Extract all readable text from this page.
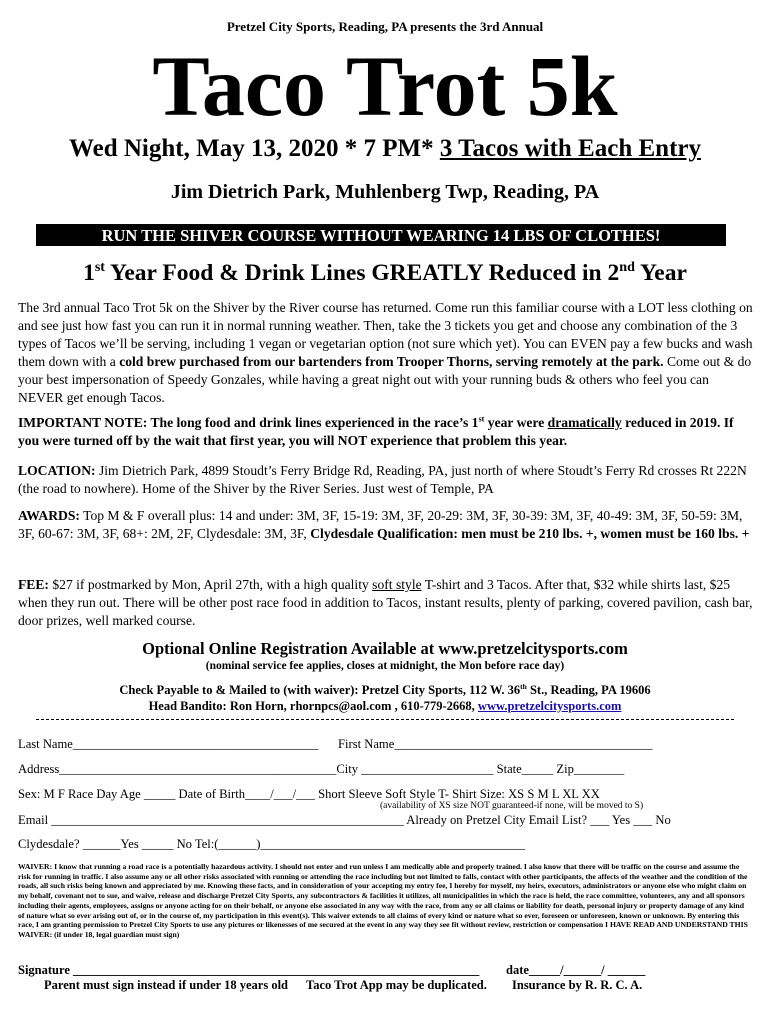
Pretzel City Sports, Reading, PA presents the 3rd Annual
Taco Trot 5k
Wed Night, May 13, 2020 * 7 PM* 3 Tacos with Each Entry
Jim Dietrich Park, Muhlenberg Twp, Reading, PA
RUN THE SHIVER COURSE WITHOUT WEARING 14 LBS OF CLOTHES!
1st Year Food & Drink Lines GREATLY Reduced in 2nd Year
The 3rd annual Taco Trot 5k on the Shiver by the River course has returned. Come run this familiar course with a LOT less clothing on and see just how fast you can run it in normal running weather. Then, take the 3 tickets you get and choose any combination of the 3 types of Tacos we’ll be serving, including 1 vegan or vegetarian option (not sure which yet). You can EVEN pay a few bucks and wash them down with a cold brew purchased from our bartenders from Trooper Thorns, serving remotely at the park. Come out & do your best impersonation of Speedy Gonzales, while having a great night out with your running buds & others who feel you can NEVER get enough Tacos.
IMPORTANT NOTE: The long food and drink lines experienced in the race’s 1st year were dramatically reduced in 2019. If you were turned off by the wait that first year, you will NOT experience that problem this year.
LOCATION: Jim Dietrich Park, 4899 Stoudt’s Ferry Bridge Rd, Reading, PA, just north of where Stoudt’s Ferry Rd crosses Rt 222N (the road to nowhere). Home of the Shiver by the River Series. Just west of Temple, PA
AWARDS: Top M & F overall plus: 14 and under: 3M, 3F, 15-19: 3M, 3F, 20-29: 3M, 3F, 30-39: 3M, 3F, 40-49: 3M, 3F, 50-59: 3M, 3F, 60-67: 3M, 3F, 68+: 2M, 2F, Clydesdale: 3M, 3F, Clydesdale Qualification: men must be 210 lbs. +, women must be 160 lbs. +
FEE: $27 if postmarked by Mon, April 27th, with a high quality soft style T-shirt and 3 Tacos. After that, $32 while shirts last, $25 when they run out. There will be other post race food in addition to Tacos, instant results, plenty of parking, covered pavilion, cash bar, door prizes, well marked course.
Optional Online Registration Available at www.pretzelcitysports.com
(nominal service fee applies, closes at midnight, the Mon before race day)
Check Payable to & Mailed to (with waiver): Pretzel City Sports, 112 W. 36th St., Reading, PA 19606
Head Bandito: Ron Horn, rhornpcs@aol.com , 610-779-2668, www.pretzelcitysports.com
Last Name_______________________________________ First Name_________________________________________
Address____________________________________________City _____________________ State_____ Zip________
Sex: M F Race Day Age _____ Date of Birth____/___/___ Short Sleeve Soft Style T- Shirt Size: XS S M L XL XX
(availability of XS size NOT guaranteed-if none, will be moved to S)
Email ________________________________________________________ Already on Pretzel City Email List? ___ Yes ___ No
Clydesdale? ______Yes _____ No Tel:(______)__________________________________________
WAIVER: I know that running a road race is a potentially hazardous activity. I should not enter and run unless I am medically able and properly trained. I also know that there will be traffic on the course and assume the risk for running in traffic. I also assume any or all other risks associated with running or attending the race including but not limited to falls, contact with other participants, the affects of the weather and the condition of the roads, all such risks being known and appreciated by me. Knowing these facts, and in consideration of your accepting my entry fee, I hereby for myself, my heirs, executors, administrators or anyone else who might claim on my behalf, covenant not to sue, and waive, release and discharge Pretzel City Sports, any subcontractors & facilities it utilizes, all municipalities in which the race is held, the race committee, volunteers, any and all sponsors including their agents, employees, assigns or anyone acting for on their behalf, or anyone else associated in any way with the race, from any or all claims or liability for death, personal injury or property damage of any kind of nature what so ever arising out of, or in the course of, my participation in this event(s). This waiver extends to all claims of every kind or nature what so ever, foreseen or unforeseen, known or unknown. By entering this race, I am granting permission to Pretzel City Sports to use any pictures or likenesses of me secured at the event in any way they see fit without review, restriction or compensation I HAVE READ AND UNDERSTAND THIS WAIVER: (if under 18, legal guardian must sign)
Signature _________________________________________________________________ date_____/______/ ______
Parent must sign instead if under 18 years old Taco Trot App may be duplicated. Insurance by R. R. C. A.
